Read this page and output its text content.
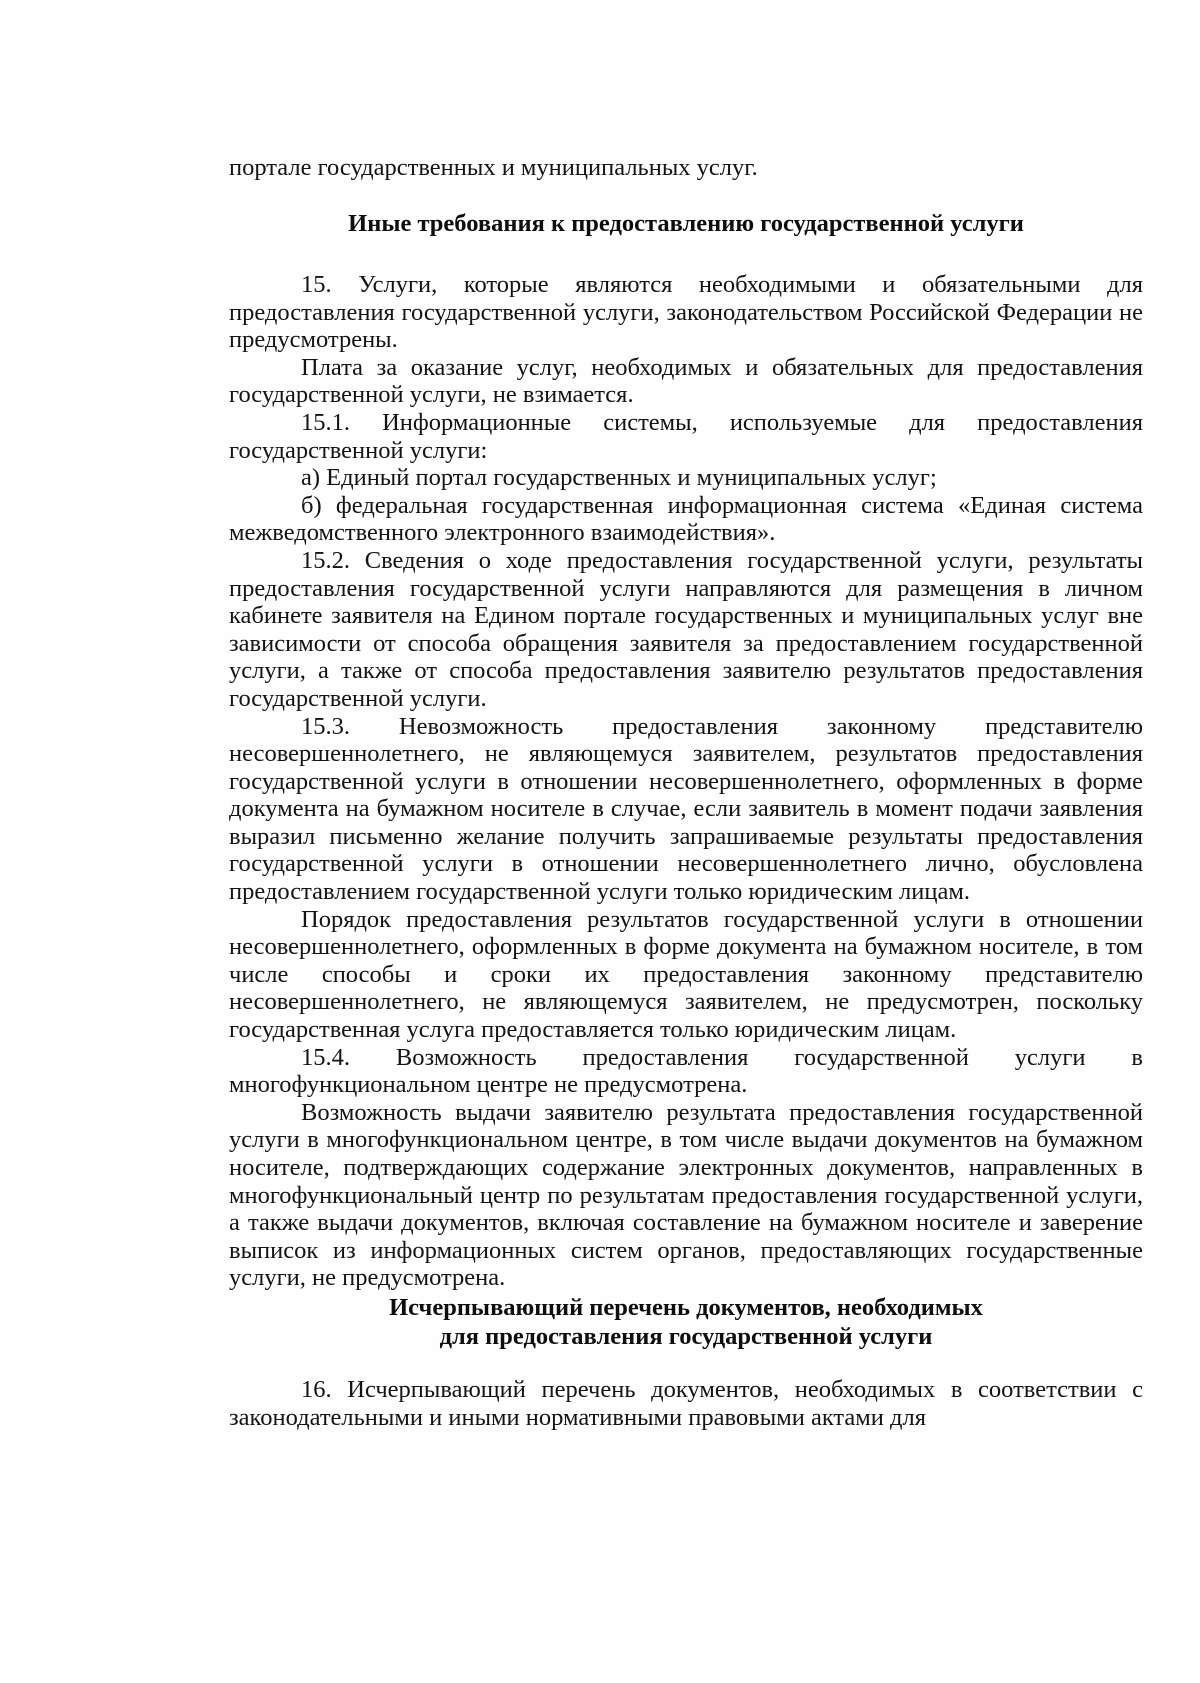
порталe государственных и муниципальных услуг.

Иные требования к предоставлению государственной услуги

15. Услуги, которые являются необходимыми и обязательными для предоставления государственной услуги, законодательством Российской Федерации не предусмотрены.

Плата за оказание услуг, необходимых и обязательных для предоставления государственной услуги, не взимается.

15.1. Информационные системы, используемые для предоставления государственной услуги:

а) Единый портал государственных и муниципальных услуг;

б) федеральная государственная информационная система «Единая система межведомственного электронного взаимодействия».

15.2. Сведения о ходе предоставления государственной услуги, результаты предоставления государственной услуги направляются для размещения в личном кабинете заявителя на Едином портале государственных и муниципальных услуг вне зависимости от способа обращения заявителя за предоставлением государственной услуги, а также от способа предоставления заявителю результатов предоставления государственной услуги.

15.3. Невозможность предоставления законному представителю несовершеннолетнего, не являющемуся заявителем, результатов предоставления государственной услуги в отношении несовершеннолетнего, оформленных в форме документа на бумажном носителе в случае, если заявитель в момент подачи заявления выразил письменно желание получить запрашиваемые результаты предоставления государственной услуги в отношении несовершеннолетнего лично, обусловлена предоставлением государственной услуги только юридическим лицам.

Порядок предоставления результатов государственной услуги в отношении несовершеннолетнего, оформленных в форме документа на бумажном носителе, в том числе способы и сроки их предоставления законному представителю несовершеннолетнего, не являющемуся заявителем, не предусмотрен, поскольку государственная услуга предоставляется только юридическим лицам.

15.4. Возможность предоставления государственной услуги в многофункциональном центре не предусмотрена.

Возможность выдачи заявителю результата предоставления государственной услуги в многофункциональном центре, в том числе выдачи документов на бумажном носителе, подтверждающих содержание электронных документов, направленных в многофункциональный центр по результатам предоставления государственной услуги, а также выдачи документов, включая составление на бумажном носителе и заверение выписок из информационных систем органов, предоставляющих государственные услуги, не предусмотрена.

Исчерпывающий перечень документов, необходимых
для предоставления государственной услуги

16. Исчерпывающий перечень документов, необходимых в соответствии с законодательными и иными нормативными правовыми актами для
